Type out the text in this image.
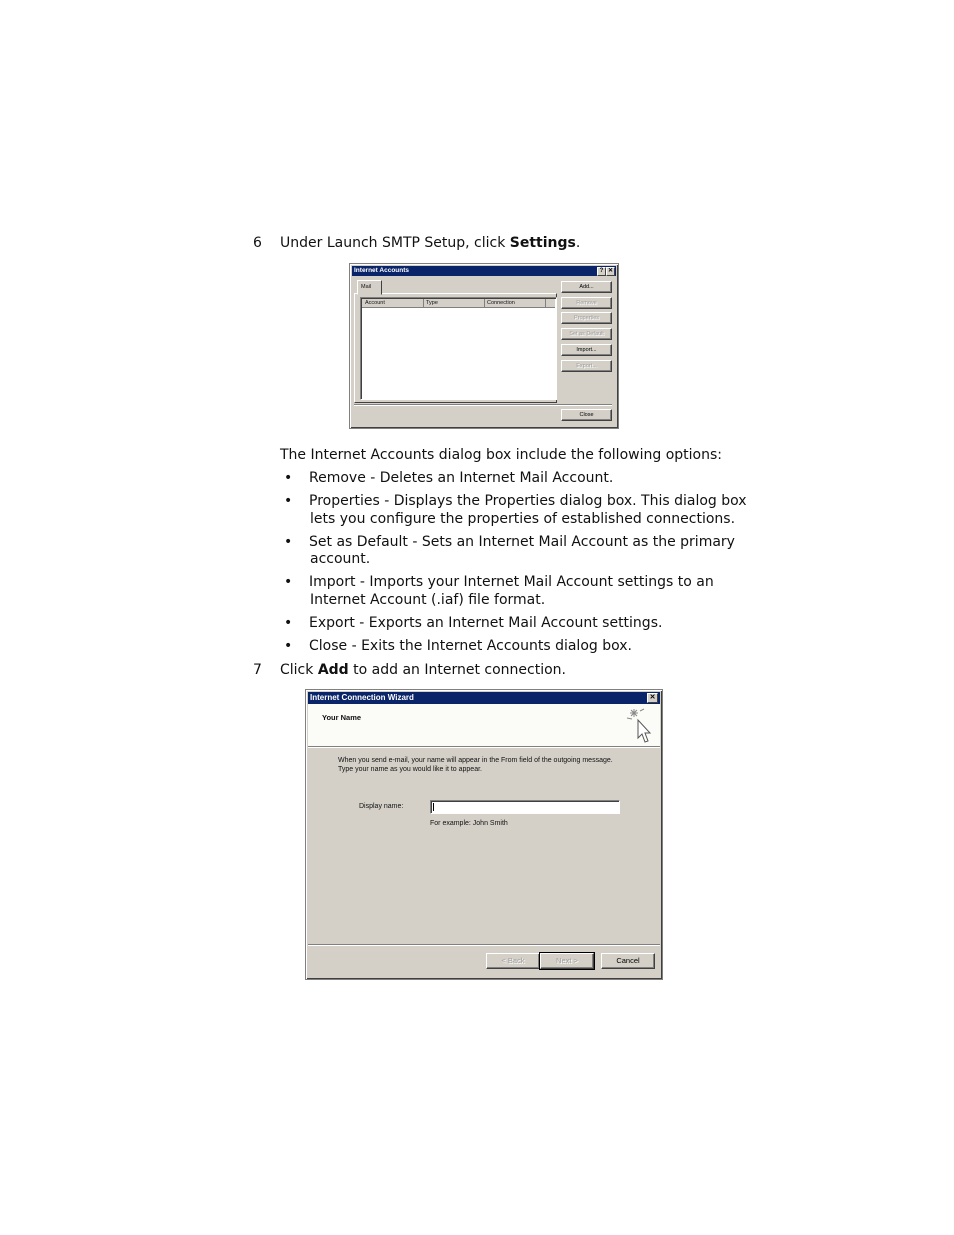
6 Under Launch SMTP Setup, click Settings.
Internet Accounts	? ✕
Mail
Account	Type	Connection
Add...
Remove
Properties
Set as Default
Import...
Export...
Close
The Internet Accounts dialog box include the following options:
• Remove - Deletes an Internet Mail Account.
• Properties - Displays the Properties dialog box. This dialog box
lets you configure the properties of established connections.
• Set as Default - Sets an Internet Mail Account as the primary
account.
• Import - Imports your Internet Mail Account settings to an
Internet Account (.iaf) file format.
• Export - Exports an Internet Mail Account settings.
• Close - Exits the Internet Accounts dialog box.
7 Click Add to add an Internet connection.
Internet Connection Wizard	✕
Your Name
When you send e-mail, your name will appear in the From field of the outgoing message.
Type your name as you would like it to appear.
Display name:
For example: John Smith
< Back	Next >	Cancel
